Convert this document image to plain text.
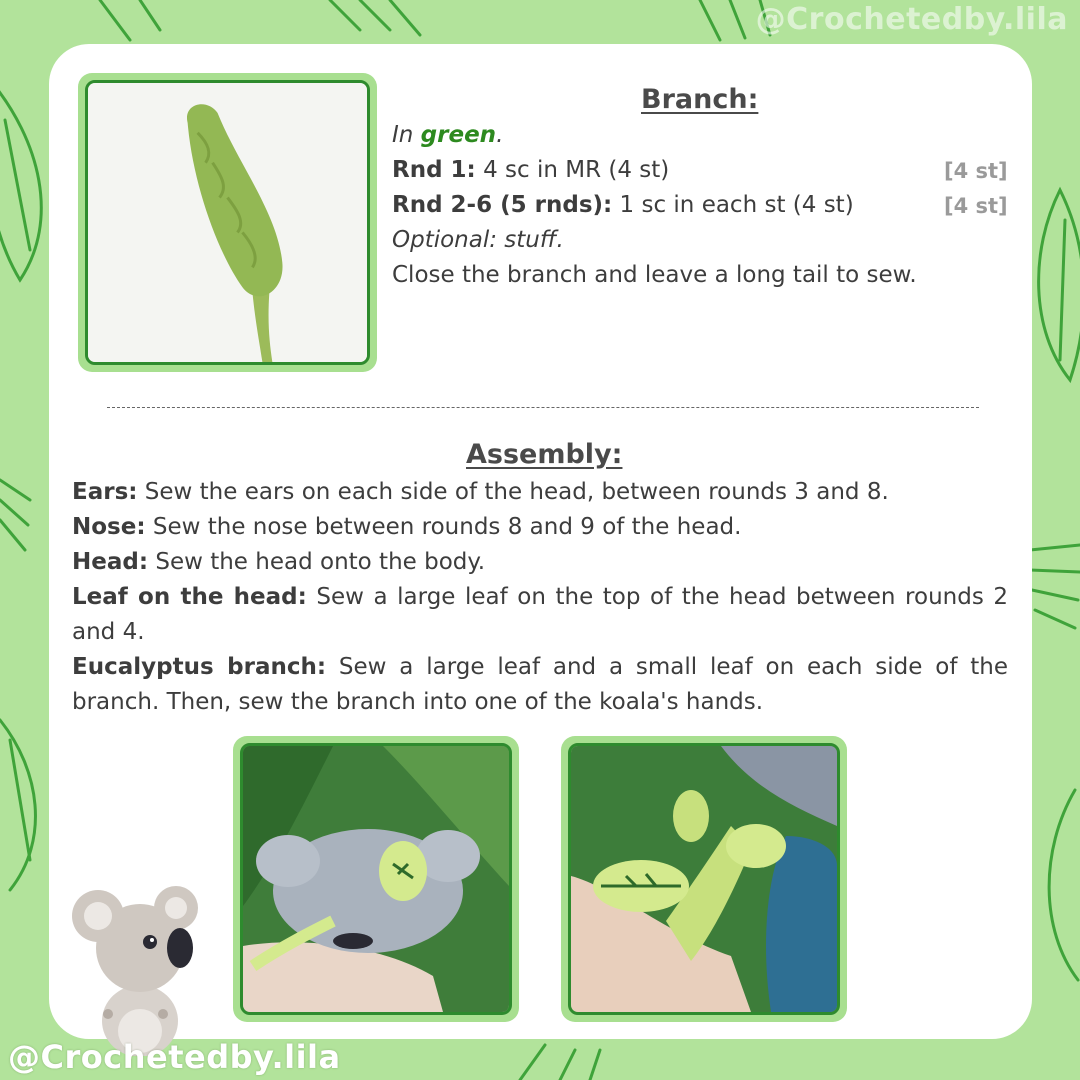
@Crochetedby.lila
Branch:
In green.
Rnd 1: 4 sc in MR (4 st)	[4 st]
Rnd 2-6 (5 rnds): 1 sc in each st (4 st)	[4 st]
Optional: stuff.
Close the branch and leave a long tail to sew.
Assembly:
Ears: Sew the ears on each side of the head, between rounds 3 and 8.
Nose: Sew the nose between rounds 8 and 9 of the head.
Head: Sew the head onto the body.
Leaf on the head: Sew a large leaf on the top of the head between rounds 2 and 4.
Eucalyptus branch: Sew a large leaf and a small leaf on each side of the branch. Then, sew the branch into one of the koala's hands.
@Crochetedby.lila
